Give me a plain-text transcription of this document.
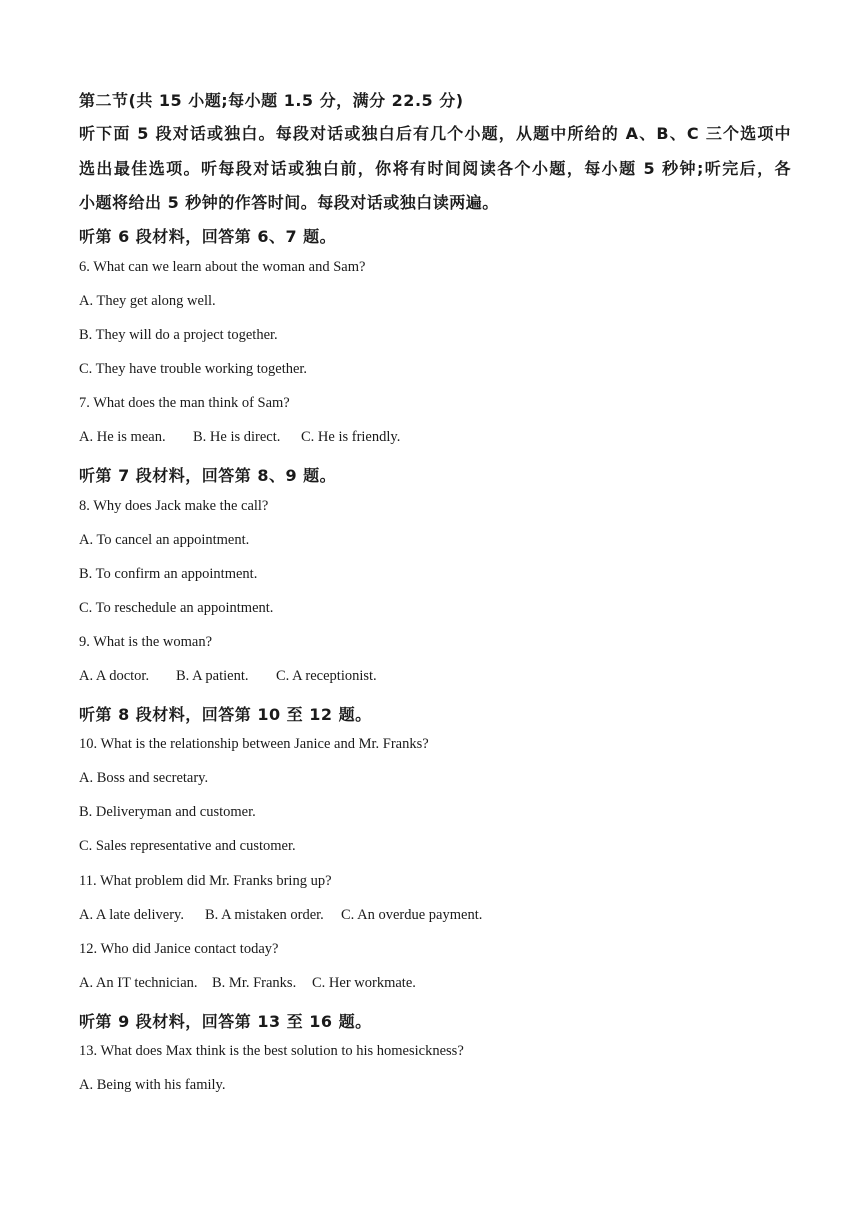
第二节(共 15 小题;每小题 1.5 分，满分 22.5 分)
听下面 5 段对话或独白。每段对话或独白后有几个小题，从题中所给的 A、B、C 三个选项中
选出最佳选项。听每段对话或独白前，你将有时间阅读各个小题，每小题 5 秒钟;听完后，各
小题将给出 5 秒钟的作答时间。每段对话或独白读两遍。
听第 6 段材料，回答第 6、7 题。
6. What can we learn about the woman and Sam?
A. They get along well.
B. They will do a project together.
C. They have trouble working together.
7. What does the man think of Sam?
A. He is mean. B. He is direct. C. He is friendly.
听第 7 段材料，回答第 8、9 题。
8. Why does Jack make the call?
A. To cancel an appointment.
B. To confirm an appointment.
C. To reschedule an appointment.
9. What is the woman?
A. A doctor. B. A patient. C. A receptionist.
听第 8 段材料，回答第 10 至 12 题。
10. What is the relationship between Janice and Mr. Franks?
A. Boss and secretary.
B. Deliveryman and customer.
C. Sales representative and customer.
11. What problem did Mr. Franks bring up?
A. A late delivery. B. A mistaken order. C. An overdue payment.
12. Who did Janice contact today?
A. An IT technician. B. Mr. Franks. C. Her workmate.
听第 9 段材料，回答第 13 至 16 题。
13. What does Max think is the best solution to his homesickness?
A. Being with his family.
